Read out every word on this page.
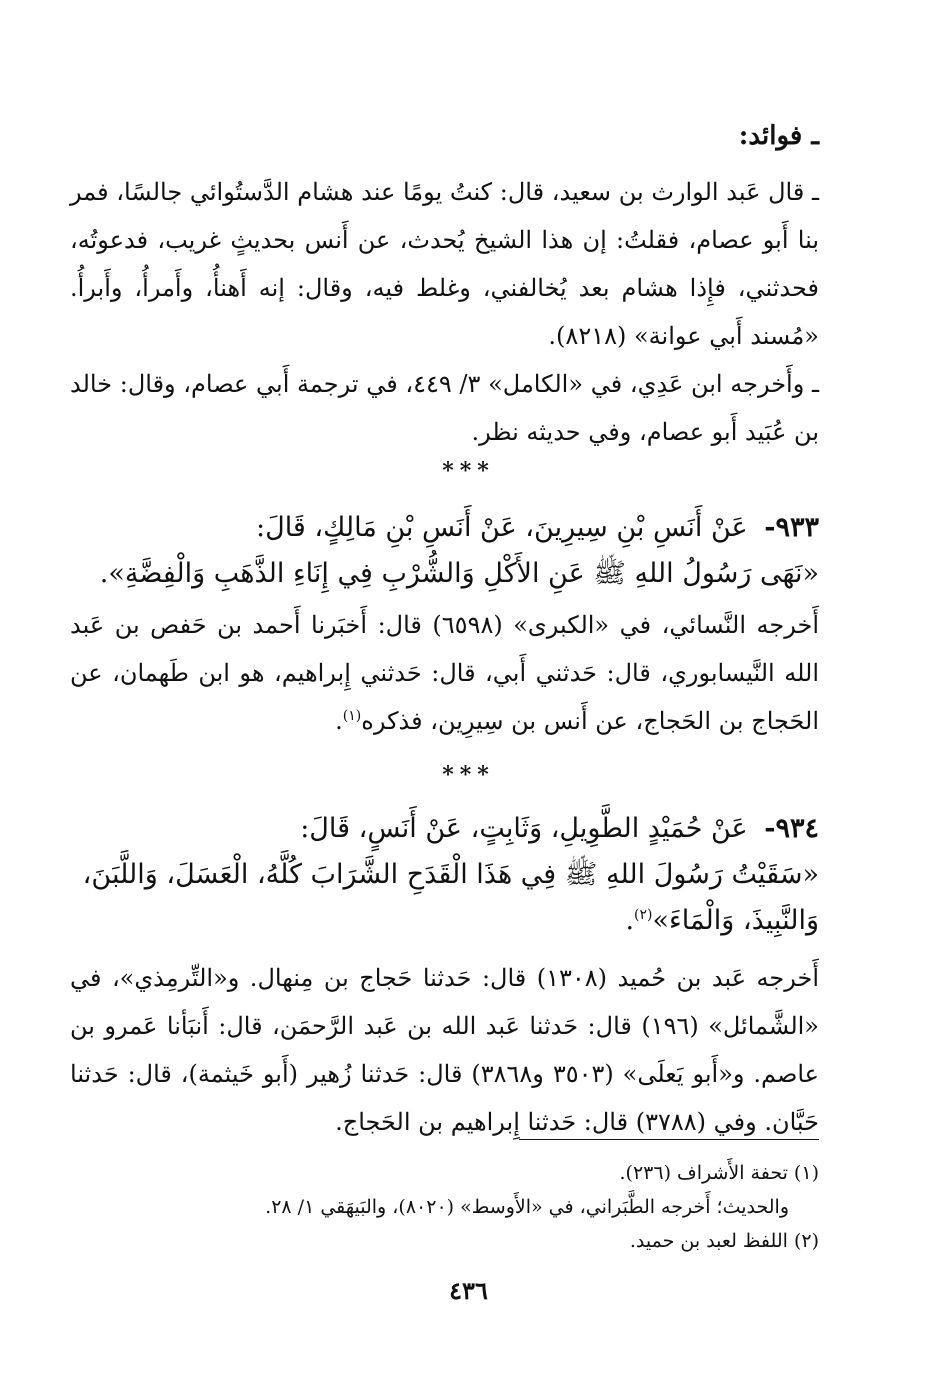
ـ فوائد:
ـ قال عَبد الوارث بن سعيد، قال: كنتُ يومًا عند هشام الدَّستُوائي جالسًا، فمر بنا أَبو عصام، فقلتُ: إن هذا الشيخ يُحدث، عن أَنس بحديثٍ غريب، فدعوتُه، فحدثني، فإِذا هشام بعد يُخالفني، وغلط فيه، وقال: إنه أَهنأُ، وأَمرأُ، وأَبرأُ. «مُسند أَبي عوانة» (٨٢١٨).
ـ وأَخرجه ابن عَدِي، في «الكامل» ٣/ ٤٤٩، في ترجمة أَبي عصام، وقال: خالد بن عُبَيد أَبو عصام، وفي حديثه نظر.
***
٩٣٣- عَنْ أَنَسِ بْنِ سِيرِينَ، عَنْ أَنَسِ بْنِ مَالِكٍ، قَالَ:
«نَهَى رَسُولُ اللهِ ﷺ عَنِ الأَكْلِ وَالشُّرْبِ فِي إِنَاءِ الذَّهَبِ وَالْفِضَّةِ».
أَخرجه النَّسائي، في «الكبرى» (٦٥٩٨) قال: أَخبَرنا أَحمد بن حَفص بن عَبد الله النَّيسابوري، قال: حَدثني أَبي، قال: حَدثني إِبراهيم، هو ابن طَهمان، عن الحَجاج بن الحَجاج، عن أَنس بن سِيرِين، فذكره$^{(١)}$.
***
٩٣٤- عَنْ حُمَيْدٍ الطَّوِيلِ، وَثَابِتٍ، عَنْ أَنَسٍ، قَالَ:
«سَقَيْتُ رَسُولَ اللهِ ﷺ فِي هَذَا الْقَدَحِ الشَّرَابَ كُلَّهُ، الْعَسَلَ، وَاللَّبَنَ، وَالنَّبِيذَ، وَالْمَاءَ»$^{(٢)}$.
أَخرجه عَبد بن حُميد (١٣٠٨) قال: حَدثنا حَجاج بن مِنهال. و«التِّرمِذي»، في «الشَّمائل» (١٩٦) قال: حَدثنا عَبد الله بن عَبد الرَّحمَن، قال: أَنبَأنا عَمرو بن عاصم. و«أَبو يَعلَى» (٣٥٠٣ و٣٨٦٨) قال: حَدثنا زُهير (أَبو خَيثمة)، قال: حَدثنا حَبَّان. وفي (٣٧٨٨) قال: حَدثنا إِبراهيم بن الحَجاج.
(١) تحفة الأَشراف (٢٣٦).
والحديث؛ أَخرجه الطَّبَراني، في «الأَوسط» (٨٠٢٠)، والبَيهَقي ١/ ٢٨.
(٢) اللفظ لعبد بن حميد.
٤٣٦
